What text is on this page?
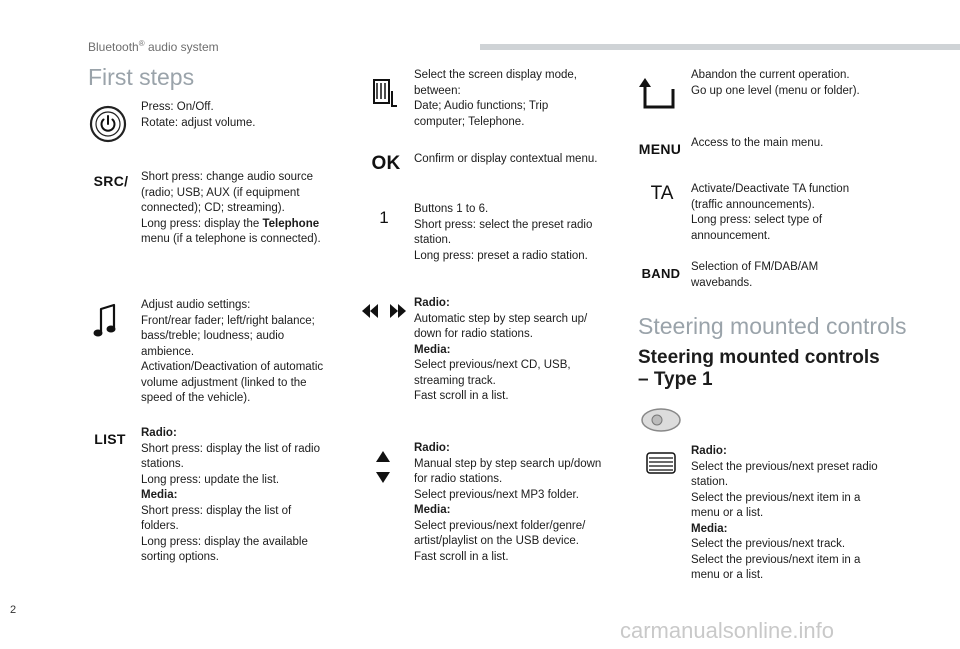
Bluetooth® audio system
First steps
Press: On/Off.
Rotate: adjust volume.
SRC/ Short press: change audio source
(radio; USB; AUX (if equipment
connected); CD; streaming).
Long press: display the Telephone
menu (if a telephone is connected).
Adjust audio settings:
Front/rear fader; left/right balance;
bass/treble; loudness; audio
ambience.
Activation/Deactivation of automatic
volume adjustment (linked to the
speed of the vehicle).
LIST Radio:
Short press: display the list of radio
stations.
Long press: update the list.
Media:
Short press: display the list of
folders.
Long press: display the available
sorting options.
Select the screen display mode,
between:
Date; Audio functions; Trip
computer; Telephone.
OK Confirm or display contextual menu.
1 Buttons 1 to 6.
Short press: select the preset radio
station.
Long press: preset a radio station.
Radio:
Automatic step by step search up/
down for radio stations.
Media:
Select previous/next CD, USB,
streaming track.
Fast scroll in a list.
Radio:
Manual step by step search up/down
for radio stations.
Select previous/next MP3 folder.
Media:
Select previous/next folder/genre/
artist/playlist on the USB device.
Fast scroll in a list.
Abandon the current operation.
Go up one level (menu or folder).
MENU Access to the main menu.
TA Activate/Deactivate TA function
(traffic announcements).
Long press: select type of
announcement.
BAND Selection of FM/DAB/AM
wavebands.
Steering mounted controls
Steering mounted controls
– Type 1
Radio:
Select the previous/next preset radio
station.
Select the previous/next item in a
menu or a list.
Media:
Select the previous/next track.
Select the previous/next item in a
menu or a list.
2
carmanualsonline.info
